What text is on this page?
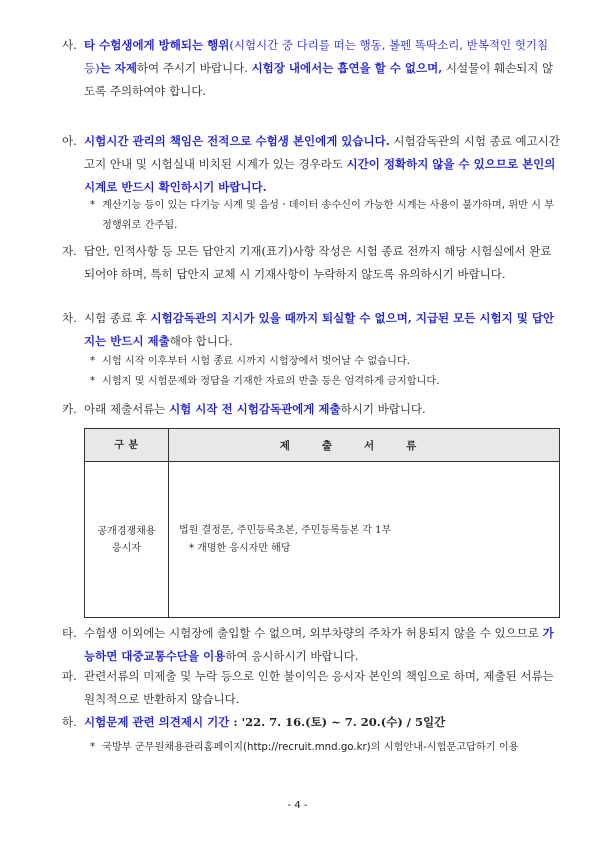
사. 타 수험생에게 방해되는 행위(시험시간 중 다리를 떠는 행동, 볼펜 똑딱소리, 반복적인 헛기침 등)는 자제하여 주시기 바랍니다. 시험장 내에서는 흡연을 할 수 없으며, 시설물이 훼손되지 않도록 주의하여야 합니다.
아. 시험시간 관리의 책임은 전적으로 수험생 본인에게 있습니다. 시험감독관의 시험 종료 예고시간 고지 안내 및 시험실내 비치된 시계가 있는 경우라도 시간이 정확하지 않을 수 있으므로 본인의 시계로 반드시 확인하시기 바랍니다.
* 계산기능 등이 있는 다기능 시계 및 음성ㆍ데이터 송수신이 가능한 시계는 사용이 불가하며, 위반 시 부정행위로 간주됨.
자. 답안, 인적사항 등 모든 답안지 기재(표기)사항 작성은 시험 종료 전까지 해당 시험실에서 완료되어야 하며, 특히 답안지 교체 시 기재사항이 누락하지 않도록 유의하시기 바랍니다.
차. 시험 종료 후 시험감독관의 지시가 있을 때까지 퇴실할 수 없으며, 지급된 모든 시험지 및 답안지는 반드시 제출해야 합니다.
* 시험 시작 이후부터 시험 종료 시까지 시험장에서 벗어날 수 없습니다.
* 시험지 및 시험문제와 정답을 기재한 자료의 반출 등은 엄격하게 금지합니다.
카. 아래 제출서류는 시험 시작 전 시험감독관에게 제출하시기 바랍니다.
구 분	제출서류
공개경쟁채용 응시자	법원 결정문, 주민등록초본, 주민등록등본 각 1부
* 개명한 응시자만 해당
타. 수험생 이외에는 시험장에 출입할 수 없으며, 외부차량의 주차가 허용되지 않을 수 있으므로 가능하면 대중교통수단을 이용하여 응시하시기 바랍니다.
파. 관련서류의 미제출 및 누락 등으로 인한 불이익은 응시자 본인의 책임으로 하며, 제출된 서류는 원칙적으로 반환하지 않습니다.
하. 시험문제 관련 의견제시 기간 : '22. 7. 16.(토) ~ 7. 20.(수) / 5일간
* 국방부 군무원채용관리홈페이지(http://recruit.mnd.go.kr)의 시험안내-시험문고답하기 이용
- 4 -
